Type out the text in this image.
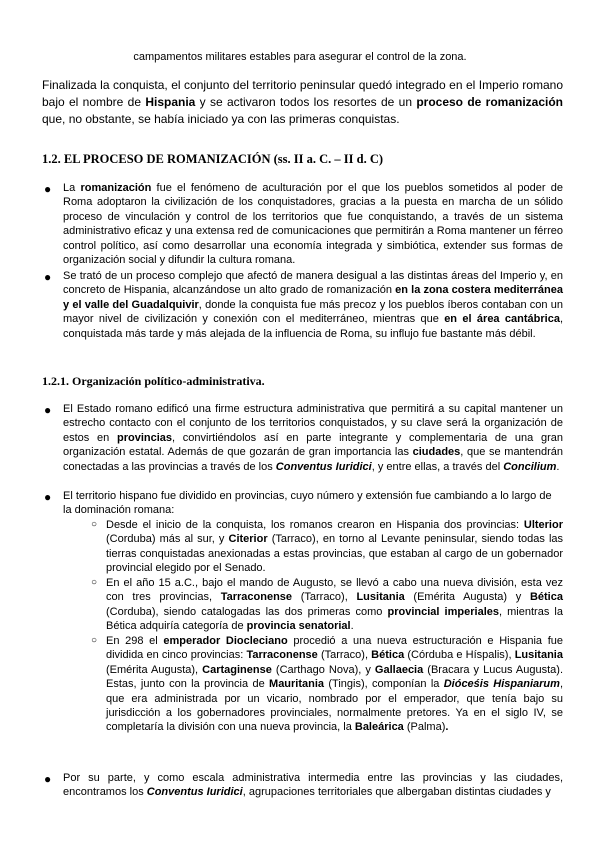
campamentos militares estables para asegurar el control de la zona.
Finalizada la conquista, el conjunto del territorio peninsular quedó integrado en el Imperio romano bajo el nombre de Hispania y se activaron todos los resortes de un proceso de romanización que, no obstante, se había iniciado ya con las primeras conquistas.
1.2. EL PROCESO DE ROMANIZACIÓN (ss. II a. C. – II d. C)
● La romanización fue el fenómeno de aculturación por el que los pueblos sometidos al poder de Roma adoptaron la civilización de los conquistadores, gracias a la puesta en marcha de un sólido proceso de vinculación y control de los territorios que fue conquistando, a través de un sistema administrativo eficaz y una extensa red de comunicaciones que permitirán a Roma mantener un férreo control político, así como desarrollar una economía integrada y simbiótica, extender sus formas de organización social y difundir la cultura romana.
● Se trató de un proceso complejo que afectó de manera desigual a las distintas áreas del Imperio y, en concreto de Hispania, alcanzándose un alto grado de romanización en la zona costera mediterránea y el valle del Guadalquivir, donde la conquista fue más precoz y los pueblos íberos contaban con un mayor nivel de civilización y conexión con el mediterráneo, mientras que en el área cantábrica, conquistada más tarde y más alejada de la influencia de Roma, su influjo fue bastante más débil.
1.2.1. Organización político-administrativa.
● El Estado romano edificó una firme estructura administrativa que permitirá a su capital mantener un estrecho contacto con el conjunto de los territorios conquistados, y su clave será la organización de estos en provincias, convirtiéndolos así en parte integrante y complementaria de una gran organización estatal. Además de que gozarán de gran importancia las ciudades, que se mantendrán conectadas a las provincias a través de los Conventus Iuridici, y entre ellas, a través del Concilium.
● El territorio hispano fue dividido en provincias, cuyo número y extensión fue cambiando a lo largo de la dominación romana:
○ Desde el inicio de la conquista, los romanos crearon en Hispania dos provincias: Ulterior (Corduba) más al sur, y Citerior (Tarraco), en torno al Levante peninsular, siendo todas las tierras conquistadas anexionadas a estas provincias, que estaban al cargo de un gobernador provincial elegido por el Senado.
○ En el año 15 a.C., bajo el mando de Augusto, se llevó a cabo una nueva división, esta vez con tres provincias, Tarraconense (Tarraco), Lusitania (Emérita Augusta) y Bética (Corduba), siendo catalogadas las dos primeras como provincial imperiales, mientras la Bética adquiría categoría de provincia senatorial.
○ En 298 el emperador Diocleciano procedió a una nueva estructuración e Hispania fue dividida en cinco provincias: Tarraconense (Tarraco), Bética (Córduba e Híspalis), Lusitania (Emérita Augusta), Cartaginense (Carthago Nova), y Gallaecia (Bracara y Lucus Augusta). Estas, junto con la provincia de Mauritania (Tingis), componían la Dióceśis Hispaniarum, que era administrada por un vicario, nombrado por el emperador, que tenía bajo su jurisdicción a los gobernadores provinciales, normalmente pretores. Ya en el siglo IV, se completaría la división con una nueva provincia, la Baleárica (Palma).
● Por su parte, y como escala administrativa intermedia entre las provincias y las ciudades, encontramos los Conventus Iuridici, agrupaciones territoriales que albergaban distintas ciudades y
